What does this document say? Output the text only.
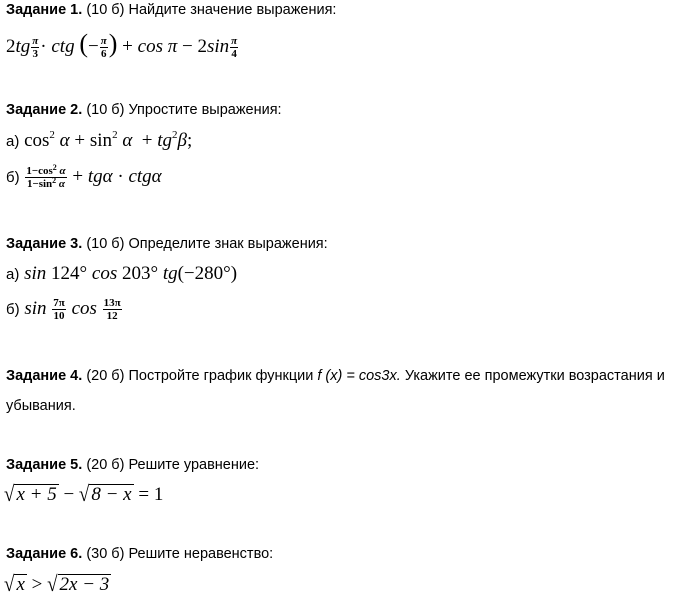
Задание 1. (10 б) Найдите значение выражения:
$2tg \frac{\pi}{3}$ · ctg (− $\frac{\pi}{6}$ ) + $\cos \pi - 2\sin \frac{\pi}{4}$
Задание 2. (10 б) Упростите выражения:
а) $\cos^2 \alpha + \sin^2 \alpha + tg^2\beta$;
$б) \frac{1-\cos^2 \alpha}{1-\sin^2 \alpha} + tg\alpha \cdot ctg\alpha$
Задание 3. (10 б) Определите знак выражения:
а) sin 124° cos 203° tg(−280°)
б) $\sin \frac{7\pi}{10}$ $\cos \frac{13\pi}{12}$
Задание 4. (20 б) Постройте график функции f (x) = cos3x. Укажите ее промежутки возрастания и убывания.
Задание 5. (20 б) Решите уравнение:
√ x + 5 − √ 8 − x = 1
Задание 6. (30 б) Решите неравенство:
√ x > √ 2x − 3
